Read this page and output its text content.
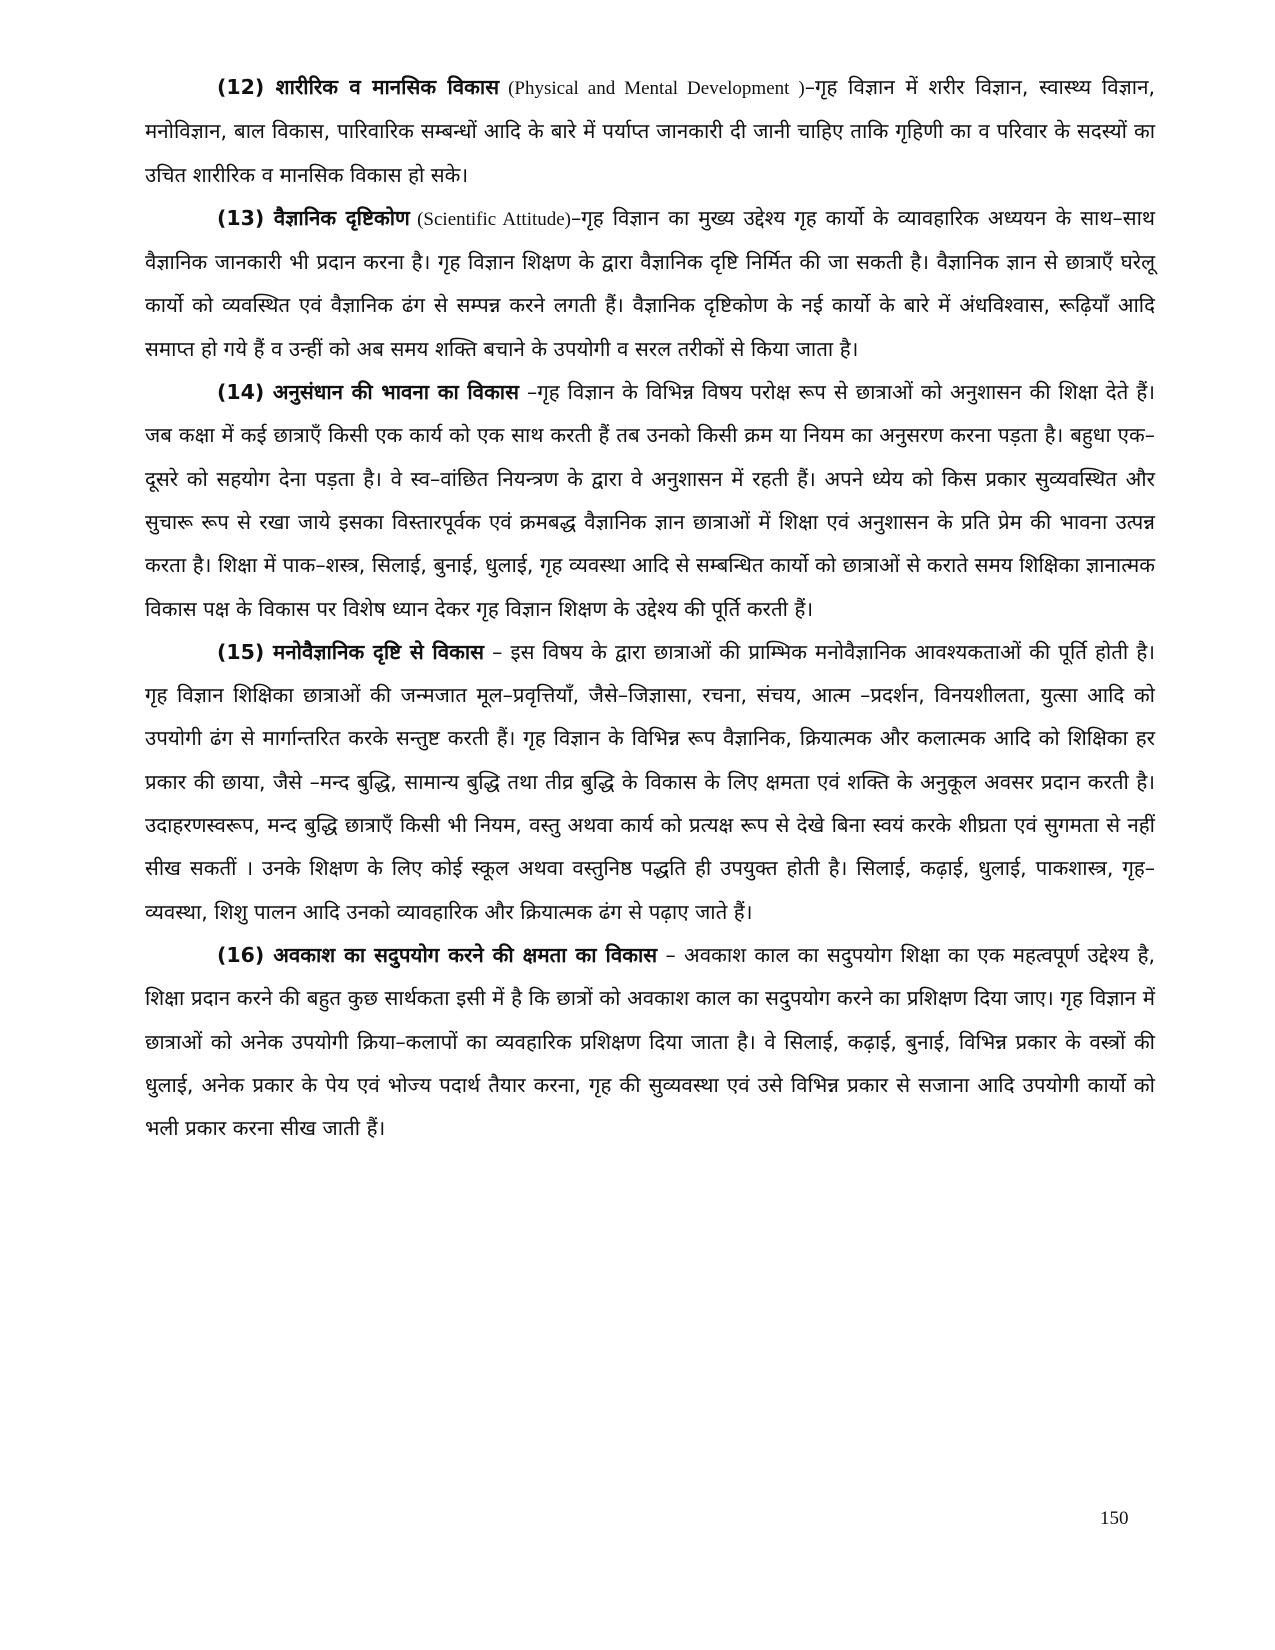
(12) शारीरिक व मानसिक विकास (Physical and Mental Development )–गृह विज्ञान में शरीर विज्ञान, स्वास्थ्य विज्ञान, मनोविज्ञान, बाल विकास, पारिवारिक सम्बन्धों आदि के बारे में पर्याप्त जानकारी दी जानी चाहिए ताकि गृहिणी का व परिवार के सदस्यों का उचित शारीरिक व मानसिक विकास हो सके।

(13) वैज्ञानिक दृष्टिकोण (Scientific Attitude)–गृह विज्ञान का मुख्य उद्देश्य गृह कार्यो के व्यावहारिक अध्ययन के साथ–साथ वैज्ञानिक जानकारी भी प्रदान करना है। गृह विज्ञान शिक्षण के द्वारा वैज्ञानिक दृष्टि निर्मित की जा सकती है। वैज्ञानिक ज्ञान से छात्राएँ घरेलू कार्यो को व्यवस्थित एवं वैज्ञानिक ढंग से सम्पन्न करने लगती हैं। वैज्ञानिक दृष्टिकोण के नई कार्यो के बारे में अंधविश्वास, रूढ़ियाँ आदि समाप्त हो गये हैं व उन्हीं को अब समय शक्ति बचाने के उपयोगी व सरल तरीकों से किया जाता है।

(14) अनुसंधान की भावना का विकास –गृह विज्ञान के विभिन्न विषय परोक्ष रूप से छात्राओं को अनुशासन की शिक्षा देते हैं। जब कक्षा में कई छात्राएँ किसी एक कार्य को एक साथ करती हैं तब उनको किसी क्रम या नियम का अनुसरण करना पड़ता है। बहुधा एक–दूसरे को सहयोग देना पड़ता है। वे स्व–वांछित नियन्त्रण के द्वारा वे अनुशासन में रहती हैं। अपने ध्येय को किस प्रकार सुव्यवस्थित और सुचारू रूप से रखा जाये इसका विस्तारपूर्वक एवं क्रमबद्ध वैज्ञानिक ज्ञान छात्राओं में शिक्षा एवं अनुशासन के प्रति प्रेम की भावना उत्पन्न करता है। शिक्षा में पाक–शस्त्र, सिलाई, बुनाई, धुलाई, गृह व्यवस्था आदि से सम्बन्धित कार्यो को छात्राओं से कराते समय शिक्षिका ज्ञानात्मक विकास पक्ष के विकास पर विशेष ध्यान देकर गृह विज्ञान शिक्षण के उद्देश्य की पूर्ति करती हैं।

(15) मनोवैज्ञानिक दृष्टि से विकास – इस विषय के द्वारा छात्राओं की प्राम्भिक मनोवैज्ञानिक आवश्यकताओं की पूर्ति होती है। गृह विज्ञान शिक्षिका छात्राओं की जन्मजात मूल–प्रवृत्तियाँ, जैसे–जिज्ञासा, रचना, संचय, आत्म –प्रदर्शन, विनयशीलता, युत्सा आदि को उपयोगी ढंग से मार्गान्तरित करके सन्तुष्ट करती हैं। गृह विज्ञान के विभिन्न रूप वैज्ञानिक, क्रियात्मक और कलात्मक आदि को शिक्षिका हर प्रकार की छाया, जैसे –मन्द बुद्धि, सामान्य बुद्धि तथा तीव्र बुद्धि के विकास के लिए क्षमता एवं शक्ति के अनुकूल अवसर प्रदान करती है। उदाहरणस्वरूप, मन्द बुद्धि छात्राएँ किसी भी नियम, वस्तु अथवा कार्य को प्रत्यक्ष रूप से देखे बिना स्वयं करके शीघ्रता एवं सुगमता से नहीं सीख सकतीं । उनके शिक्षण के लिए कोई स्कूल अथवा वस्तुनिष्ठ पद्धति ही उपयुक्त होती है। सिलाई, कढ़ाई, धुलाई, पाकशास्त्र, गृह–व्यवस्था, शिशु पालन आदि उनको व्यावहारिक और क्रियात्मक ढंग से पढ़ाए जाते हैं।

(16) अवकाश का सदुपयोग करने की क्षमता का विकास – अवकाश काल का सदुपयोग शिक्षा का एक महत्वपूर्ण उद्देश्य है, शिक्षा प्रदान करने की बहुत कुछ सार्थकता इसी में है कि छात्रों को अवकाश काल का सदुपयोग करने का प्रशिक्षण दिया जाए। गृह विज्ञान में छात्राओं को अनेक उपयोगी क्रिया–कलापों का व्यवहारिक प्रशिक्षण दिया जाता है। वे सिलाई, कढ़ाई, बुनाई, विभिन्न प्रकार के वस्त्रों की धुलाई, अनेक प्रकार के पेय एवं भोज्य पदार्थ तैयार करना, गृह की सुव्यवस्था एवं उसे विभिन्न प्रकार से सजाना आदि उपयोगी कार्यो को भली प्रकार करना सीख जाती हैं।

150
